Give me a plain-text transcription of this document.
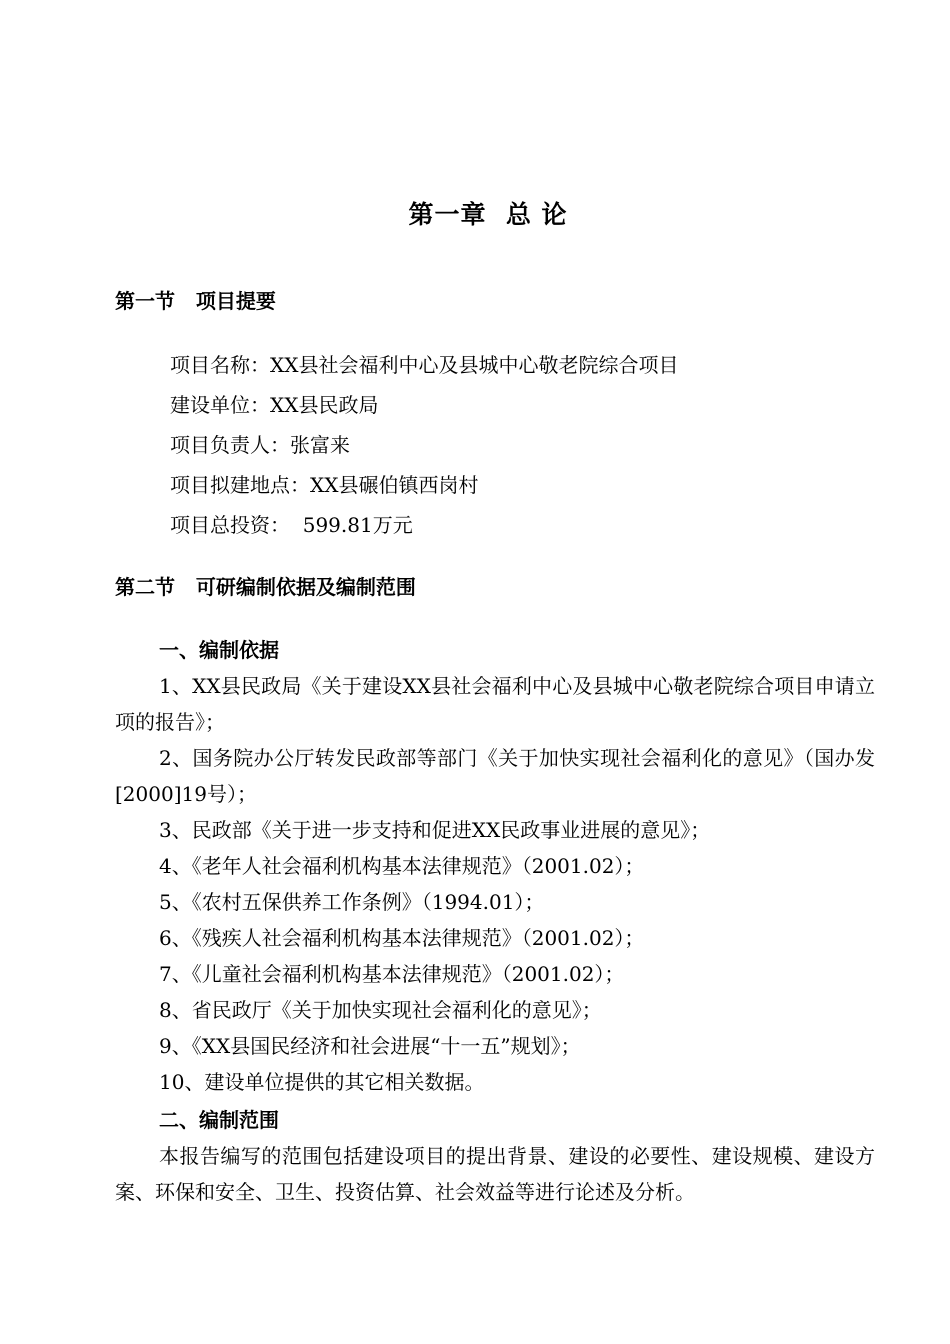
第一章  总 论
第一节   项目提要
项目名称：XX县社会福利中心及县城中心敬老院综合项目
建设单位：XX县民政局
项目负责人：张富来
项目拟建地点：XX县碾伯镇西岗村
项目总投资：  599.81万元
第二节   可研编制依据及编制范围
一、编制依据
1、XX县民政局《关于建设XX县社会福利中心及县城中心敬老院综合项目申请立项的报告》；
2、国务院办公厅转发民政部等部门《关于加快实现社会福利化的意见》（国办发[2000]19号）；
3、民政部《关于进一步支持和促进XX民政事业进展的意见》；
4、《老年人社会福利机构基本法律规范》（2001.02）；
5、《农村五保供养工作条例》（1994.01）；
6、《残疾人社会福利机构基本法律规范》（2001.02）；
7、《儿童社会福利机构基本法律规范》（2001.02）；
8、省民政厅《关于加快实现社会福利化的意见》；
9、《XX县国民经济和社会进展“十一五”规划》；
10、建设单位提供的其它相关数据。
二、编制范围

本报告编写的范围包括建设项目的提出背景、建设的必要性、建设规模、建设方案、环保和安全、卫生、投资估算、社会效益等进行论述及分析。
